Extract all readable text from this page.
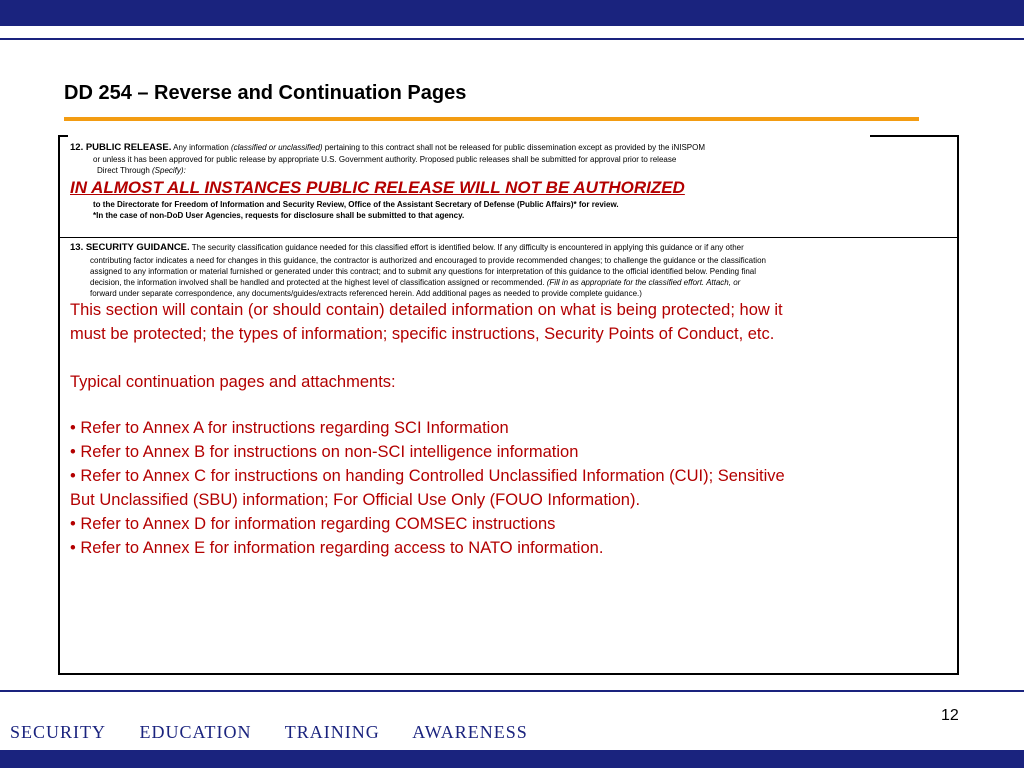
DD 254 – Reverse and Continuation Pages
12. PUBLIC RELEASE. Any information (classified or unclassified) pertaining to this contract shall not be released for public dissemination except as provided by the iNISPOM
or unless it has been approved for public release by appropriate U.S. Government authority. Proposed public releases shall be submitted for approval prior to release
Direct Through (Specify):
IN ALMOST ALL INSTANCES PUBLIC RELEASE WILL NOT BE AUTHORIZED
to the Directorate for Freedom of Information and Security Review, Office of the Assistant Secretary of Defense (Public Affairs)* for review.
*In the case of non-DoD User Agencies, requests for disclosure shall be submitted to that agency.
13. SECURITY GUIDANCE. The security classification guidance needed for this classified effort is identified below. If any difficulty is encountered in applying this guidance or if any other
contributing factor indicates a need for changes in this guidance, the contractor is authorized and encouraged to provide recommended changes; to challenge the guidance or the classification
assigned to any information or material furnished or generated under this contract; and to submit any questions for interpretation of this guidance to the official identified below. Pending final
decision, the information involved shall be handled and protected at the highest level of classification assigned or recommended. (Fill in as appropriate for the classified effort. Attach, or
forward under separate correspondence, any documents/guides/extracts referenced herein. Add additional pages as needed to provide complete guidance.)
This section will contain (or should contain) detailed information on what is being protected; how it
must be protected; the types of information; specific instructions, Security Points of Conduct, etc.
Typical continuation pages and attachments:
• Refer to Annex A for instructions regarding SCI Information
• Refer to Annex B for instructions on non-SCI intelligence information
• Refer to Annex C for instructions on handing Controlled Unclassified Information (CUI); Sensitive
But Unclassified (SBU) information; For Official Use Only (FOUO Information).
• Refer to Annex D for information regarding COMSEC instructions
• Refer to Annex E for information regarding access to NATO information.
12
SECURITY EDUCATION TRAINING AWARENESS
